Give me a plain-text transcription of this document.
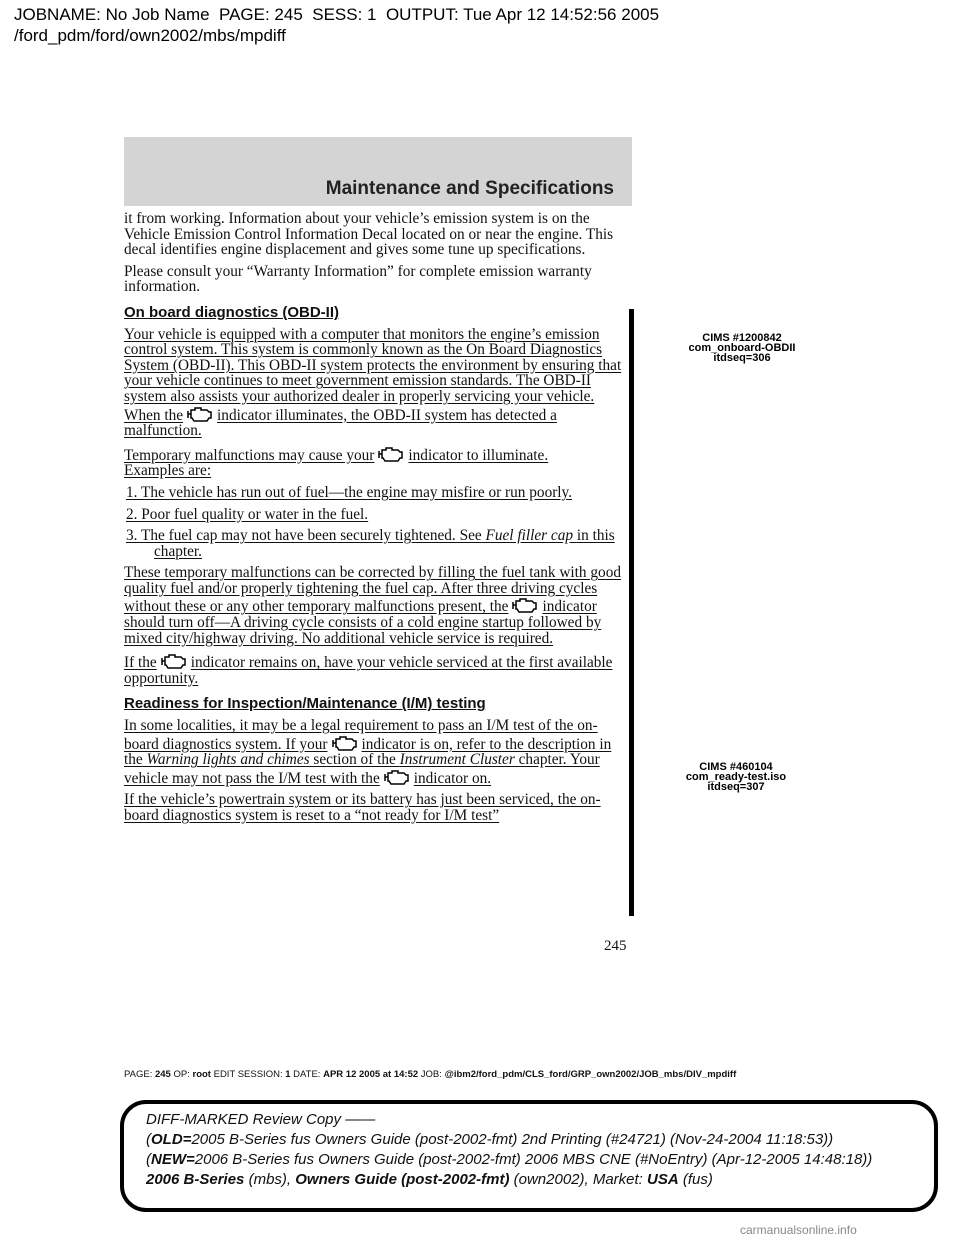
JOBNAME: No Job Name  PAGE: 245  SESS: 1  OUTPUT: Tue Apr 12 14:52:56 2005
/ford_pdm/ford/own2002/mbs/mpdiff
Maintenance and Specifications

it from working. Information about your vehicle’s emission system is on the Vehicle Emission Control Information Decal located on or near the engine. This decal identifies engine displacement and gives some tune up specifications.

Please consult your “Warranty Information” for complete emission warranty information.

On board diagnostics (OBD-II)

Your vehicle is equipped with a computer that monitors the engine’s emission control system. This system is commonly known as the On Board Diagnostics System (OBD-II). This OBD-II system protects the environment by ensuring that your vehicle continues to meet government emission standards. The OBD-II system also assists your authorized dealer in properly servicing your vehicle. When the indicator illuminates, the OBD-II system has detected a malfunction.

Temporary malfunctions may cause your indicator to illuminate.
Examples are:

1. The vehicle has run out of fuel—the engine may misfire or run poorly.

2. Poor fuel quality or water in the fuel.

3. The fuel cap may not have been securely tightened. See Fuel filler cap in this chapter.

These temporary malfunctions can be corrected by filling the fuel tank with good quality fuel and/or properly tightening the fuel cap. After three driving cycles without these or any other temporary malfunctions present, the indicator should turn off—A driving cycle consists of a cold engine startup followed by mixed city/highway driving. No additional vehicle service is required.

If the indicator remains on, have your vehicle serviced at the first available opportunity.

Readiness for Inspection/Maintenance (I/M) testing

In some localities, it may be a legal requirement to pass an I/M test of the on-board diagnostics system. If your indicator is on, refer to the description in the Warning lights and chimes section of the Instrument Cluster chapter. Your vehicle may not pass the I/M test with the indicator on.

If the vehicle’s powertrain system or its battery has just been serviced, the on-board diagnostics system is reset to a “not ready for I/M test”

CIMS #1200842
com_onboard-OBDII
itdseq=306
CIMS #460104
com_ready-test.iso
itdseq=307
245
PAGE: 245 OP: root EDIT SESSION: 1 DATE: APR 12 2005 at 14:52 JOB: @ibm2/ford_pdm/CLS_ford/GRP_own2002/JOB_mbs/DIV_mpdiff
DIFF-MARKED Review Copy ——
(OLD=2005 B-Series fus Owners Guide (post-2002-fmt) 2nd Printing (#24721) (Nov-24-2004 11:18:53))
(NEW=2006 B-Series fus Owners Guide (post-2002-fmt) 2006 MBS CNE (#NoEntry) (Apr-12-2005 14:48:18))
2006 B-Series (mbs), Owners Guide (post-2002-fmt) (own2002), Market: USA (fus)
carmanualsonline.info
